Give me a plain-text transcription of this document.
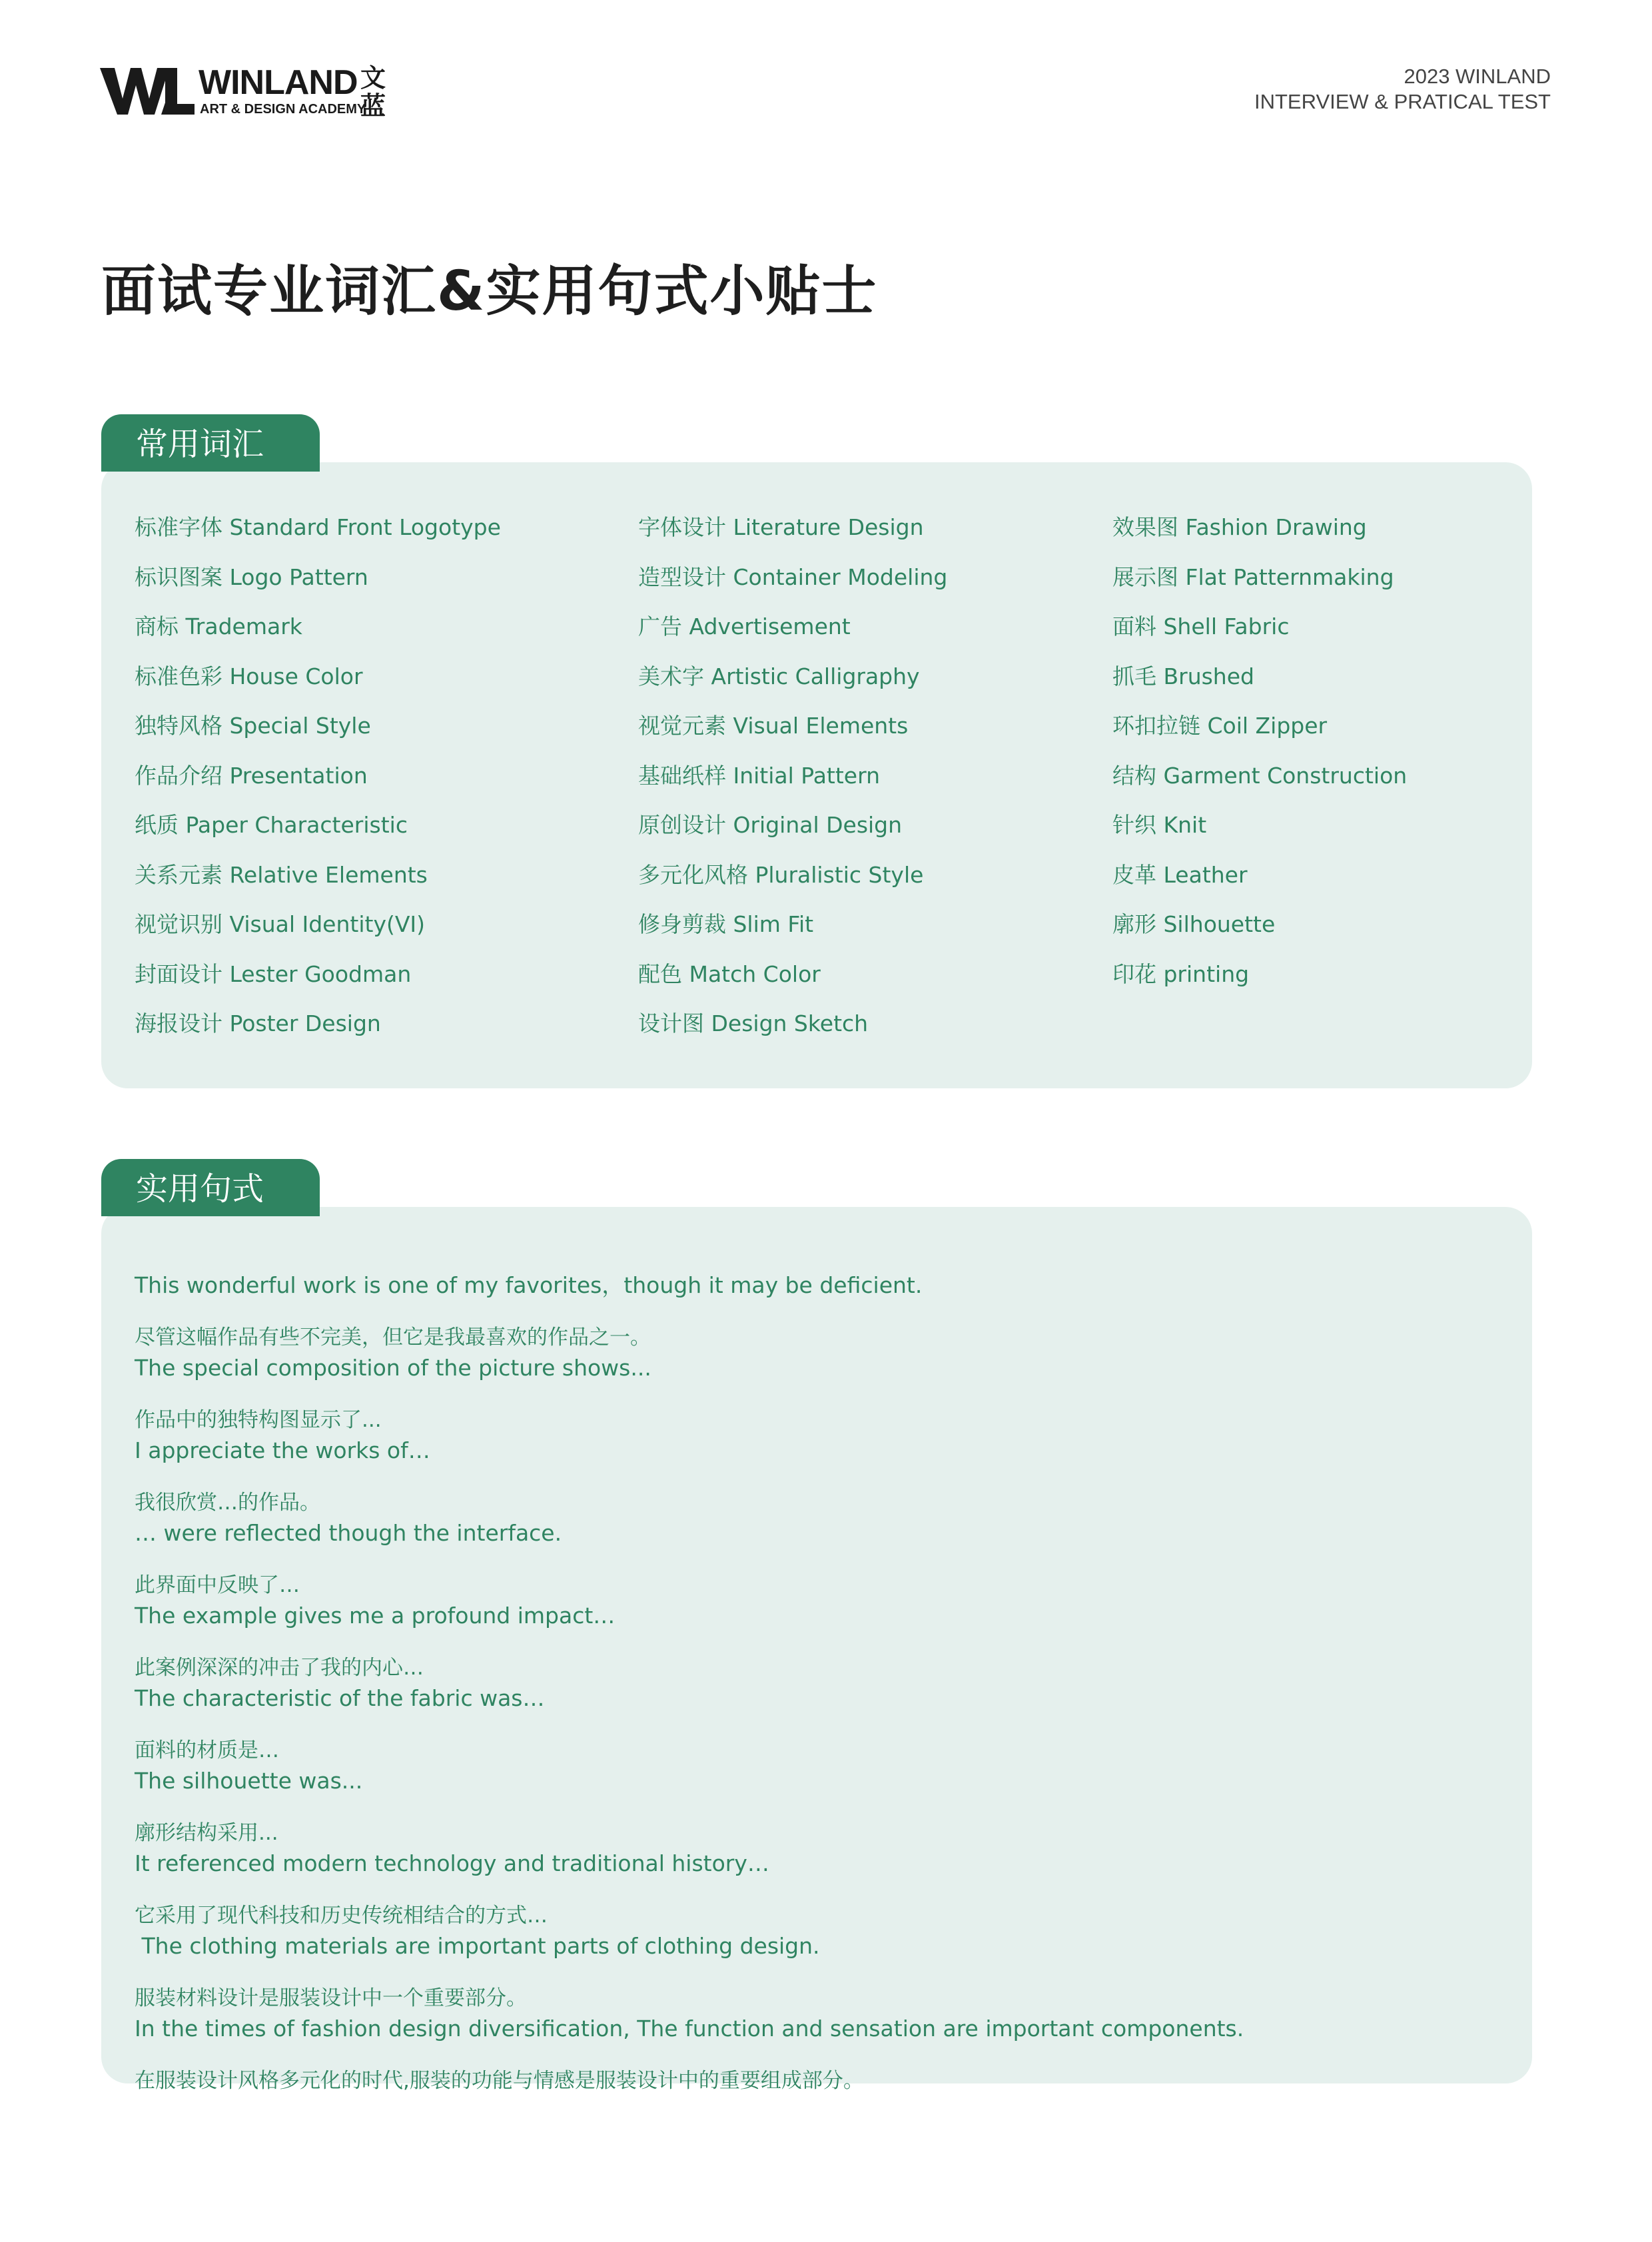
WINLAND
ART & DESIGN ACADEMY
文
蓝
2023 WINLAND
INTERVIEW & PRATICAL TEST
面试专业词汇&实用句式小贴士
常用词汇
标准字体 Standard Front Logotype
标识图案 Logo Pattern
商标 Trademark
标准色彩 House Color
独特风格 Special Style
作品介绍 Presentation
纸质 Paper Characteristic
关系元素 Relative Elements
视觉识别 Visual Identity(VI)
封面设计 Lester Goodman
海报设计 Poster Design
字体设计 Literature Design
造型设计 Container Modeling
广告 Advertisement
美术字 Artistic Calligraphy
视觉元素 Visual Elements
基础纸样 Initial Pattern
原创设计 Original Design
多元化风格 Pluralistic Style
修身剪裁 Slim Fit
配色 Match Color
设计图 Design Sketch
效果图 Fashion Drawing
展示图 Flat Patternmaking
面料 Shell Fabric
抓毛 Brushed
环扣拉链 Coil Zipper
结构 Garment Construction
针织 Knit
皮革 Leather
廓形 Silhouette
印花 printing
实用句式

This wonderful work is one of my favorites，though it may be deficient.

尽管这幅作品有些不完美，但它是我最喜欢的作品之一。

The special composition of the picture shows...

作品中的独特构图显示了...

I appreciate the works of…

我很欣赏…的作品。

… were reflected though the interface.

此界面中反映了…

The example gives me a profound impact…

此案例深深的冲击了我的内心…

The characteristic of the fabric was…

面料的材质是…

The silhouette was...

廓形结构采用...

It referenced modern technology and traditional history…

它采用了现代科技和历史传统相结合的方式…

The clothing materials are important parts of clothing design.

服装材料设计是服装设计中一个重要部分。

In the times of fashion design diversification, The function and sensation are important components.

在服装设计风格多元化的时代,服装的功能与情感是服装设计中的重要组成部分。
